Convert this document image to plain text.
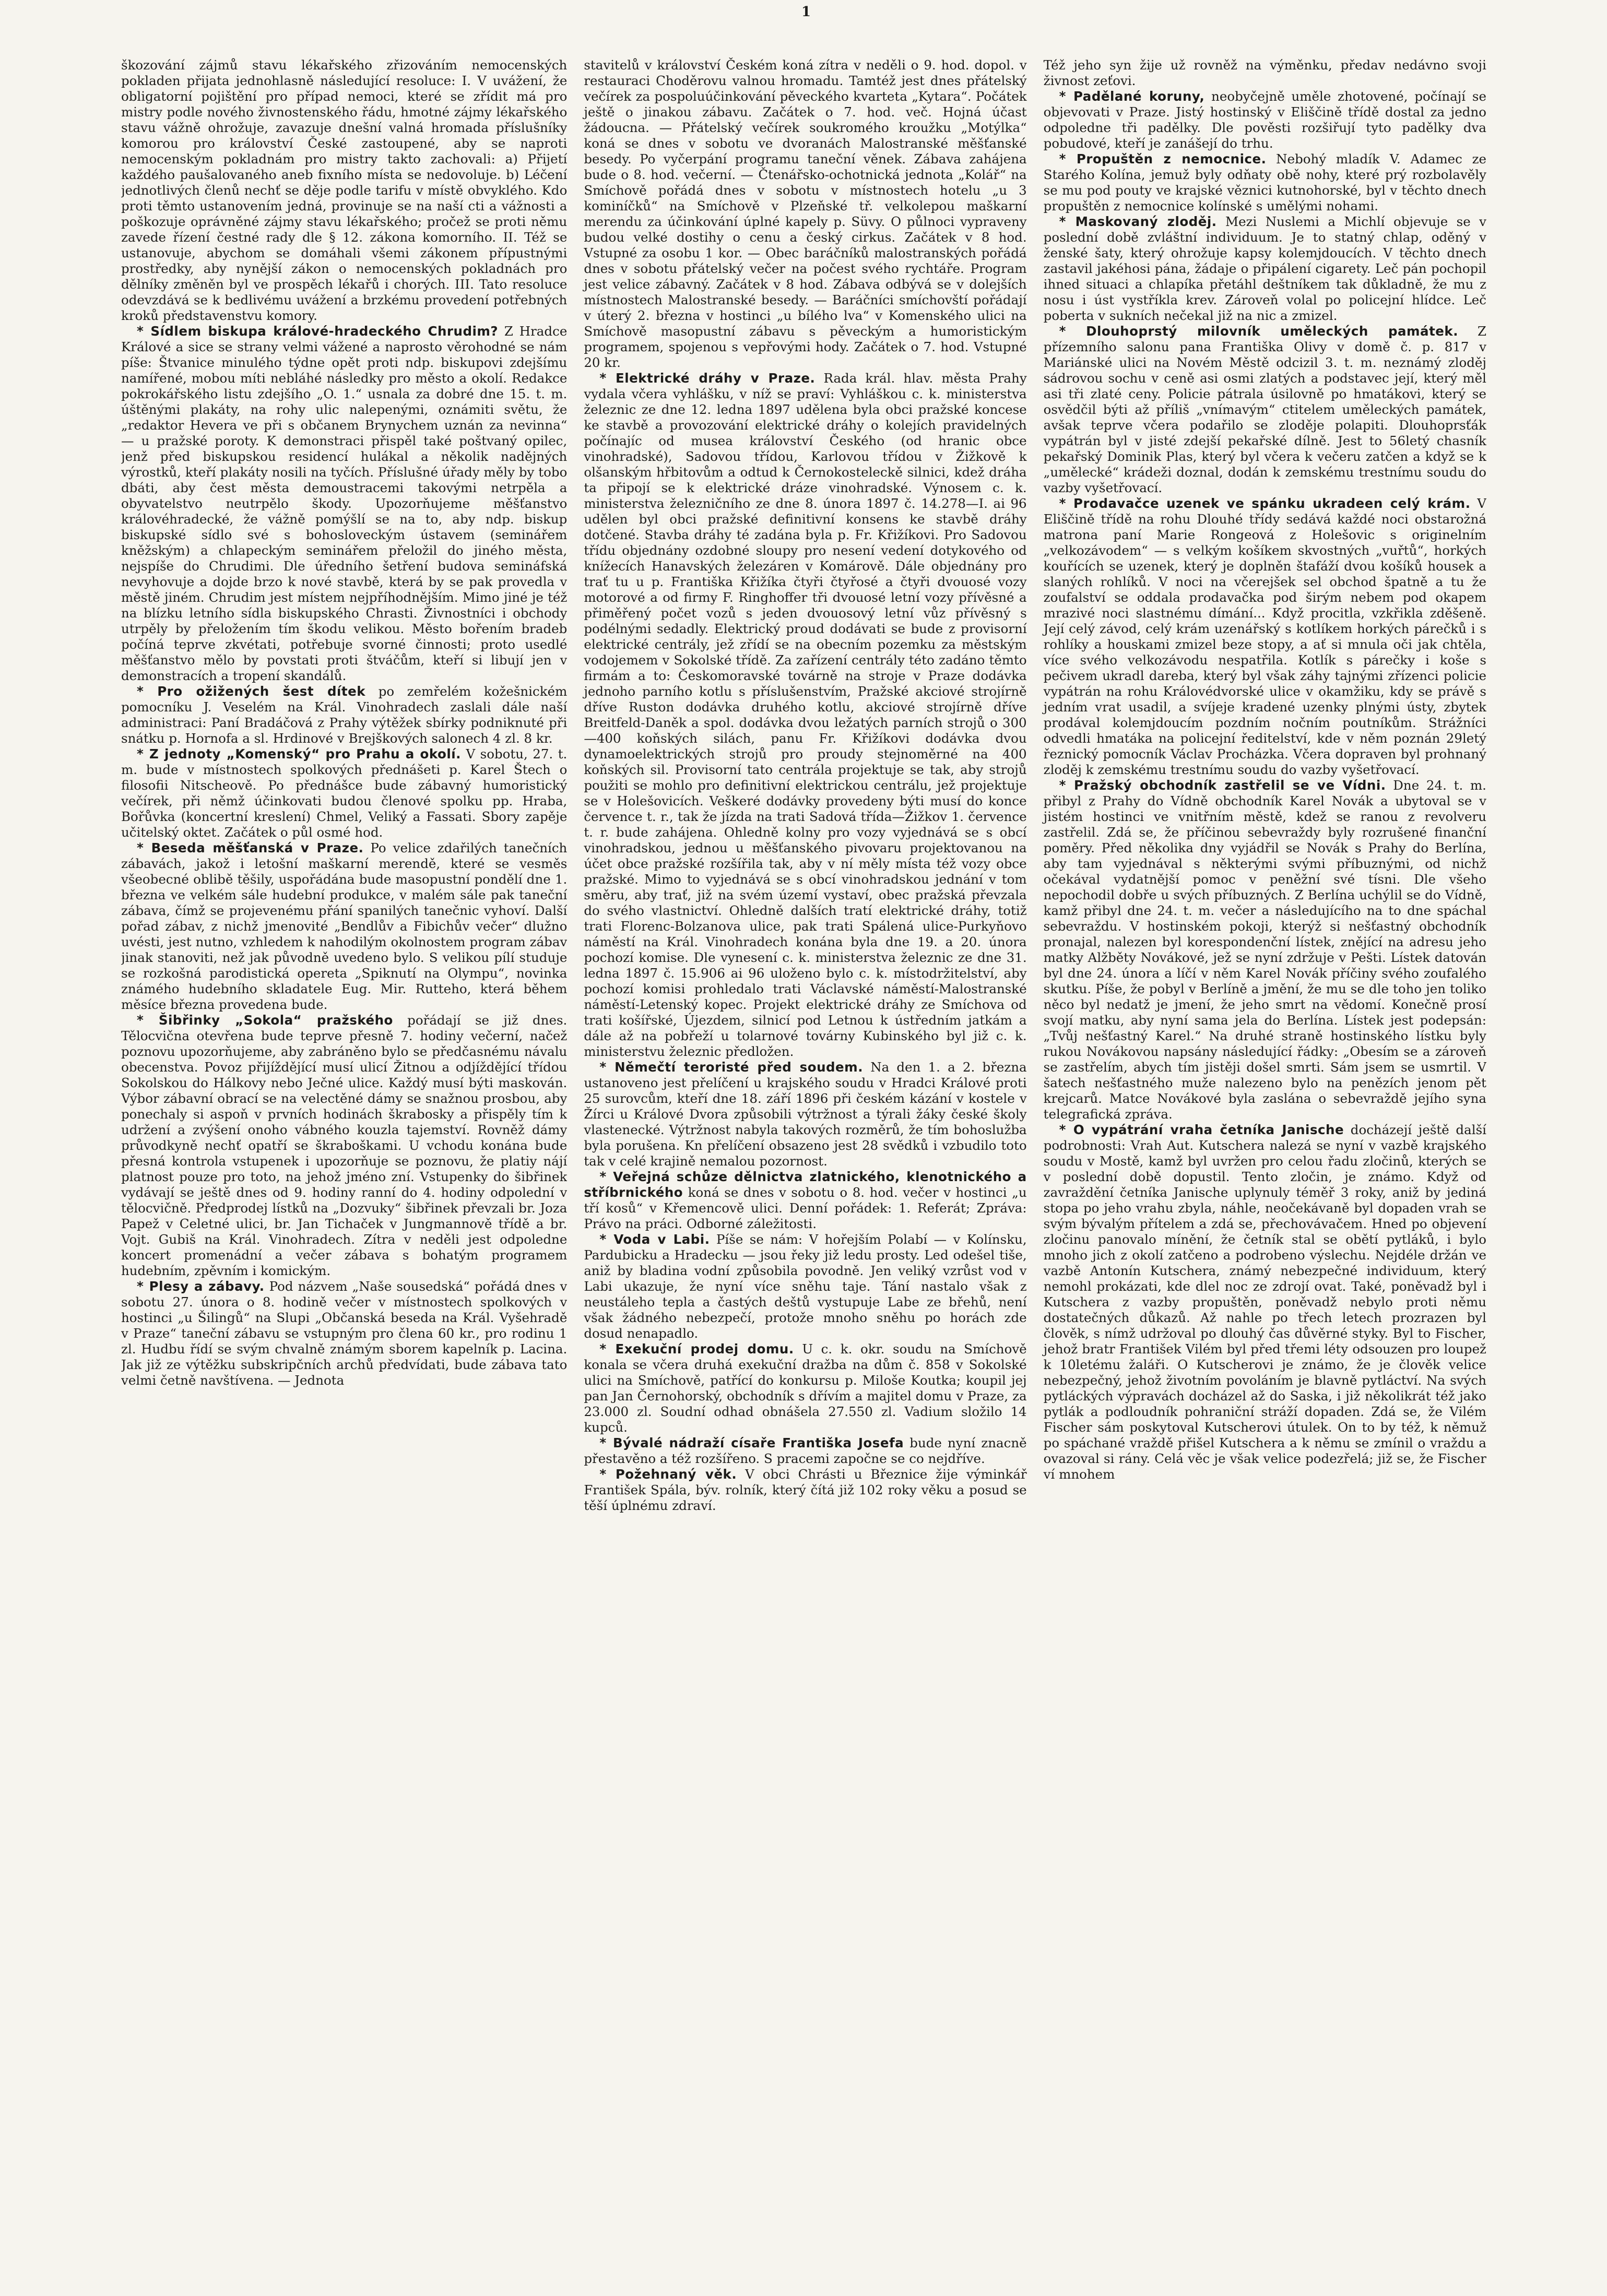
1

škozování zájmů stavu lékařského zřizováním nemocenských pokladen přijata jednohlasně následující resoluce: I. V uvážení, že obligatorní pojištění pro případ nemoci, které se zřídit má pro mistry podle nového živnostenského řádu, hmotné zájmy lékařského stavu vážně ohrožuje, zavazuje dnešní valná hromada příslušníky komorou pro království České zastoupené, aby se naproti nemocenským pokladnám pro mistry takto zachovali: a) Přijetí každého paušalovaného aneb fixního místa se nedovoluje. b) Léčení jednotlivých členů nechť se děje podle tarifu v místě obvyklého. Kdo proti těmto ustanovením jedná, provinuje se na naší cti a vážnosti a poškozuje oprávněné zájmy stavu lékařského; pročež se proti němu zavede řízení čestné rady dle § 12. zákona komorního. II. Též se ustanovuje, abychom se domáhali všemi zákonem přípustnými prostředky, aby nynější zákon o nemocenských pokladnách pro dělníky změněn byl ve prospěch lékařů i chorých. III. Tato resoluce odevzdává se k bedlivému uvážení a brzkému provedení potřebných kroků představenstvu komory.

* Sídlem biskupa králové-hradeckého Chrudim? Z Hradce Králové a sice se strany velmi vážené a naprosto věrohodné se nám píše: Štvanice minulého týdne opět proti ndp. biskupovi zdejšímu namířené, mobou míti nebláhé následky pro město a okolí. Redakce pokrokářského listu zdejšího „O. 1.“ usnala za dobré dne 15. t. m. úštěnými plakáty, na rohy ulic nalepenými, oznámiti světu, že „redaktor Hevera ve při s občanem Brynychem uznán za nevinna“ — u pražské poroty. K demonstraci přispěl také poštvaný opilec, jenž před biskupskou residencí hulákal a několik nadějných výrostků, kteří plakáty nosili na tyčích. Příslušné úřady měly by tobo dbáti, aby čest města demoustracemi takovými netrpěla a obyvatelstvo neutrpělo škody. Upozorňujeme měšťanstvo královéhradecké, že vážně pomýšlí se na to, aby ndp. biskup biskupské sídlo své s bohosloveckým ústavem (seminářem kněžským) a chlapeckým seminářem přeložil do jiného města, nejspíše do Chrudimi. Dle úředního šetření budova semináfská nevyhovuje a dojde brzo k nové stavbě, která by se pak provedla v městě jiném. Chrudim jest místem nejpříhodnějším. Mimo jiné je též na blízku letního sídla biskupského Chrasti. Živnostníci i obchody utrpěly by přeložením tím škodu velikou. Město bořením bradeb počíná teprve zkvétati, potřebuje svorné činnosti; proto usedlé měšťanstvo mělo by povstati proti štváčům, kteří si libují jen v demonstracích a tropení skandálů.

* Pro ožižených šest dítek po zemřelém kožešnickém pomocníku J. Veselém na Král. Vinohradech zaslali dále naší administraci: Paní Bradáčová z Prahy výtěžek sbírky podniknuté při snátku p. Hornofa a sl. Hrdinové v Brejškových salonech 4 zl. 8 kr.

* Z jednoty „Komenský“ pro Prahu a okolí. V sobotu, 27. t. m. bude v místnostech spolkových přednášeti p. Karel Štech o filosofii Nitscheově. Po přednášce bude zábavný humoristický večírek, při němž účinkovati budou členové spolku pp. Hraba, Bořůvka (koncertní kreslení) Chmel, Veliký a Fassati. Sbory zapěje učitelský oktet. Začátek o půl osmé hod.

* Beseda měšťanská v Praze. Po velice zdařilých tanečních zábavách, jakož i letošní maškarní merendě, které se vesměs všeobecné oblibě těšily, uspořádána bude masopustní pondělí dne 1. března ve velkém sále hudební produkce, v malém sále pak taneční zábava, čímž se projevenému přání spanilých tanečnic vyhoví. Další pořad zábav, z nichž jmenovité „Bendlův a Fibichův večer“ dlužno uvésti, jest nutno, vzhledem k nahodilým okolnostem program zábav jinak stanoviti, než jak původně uvedeno bylo. S velikou pílí studuje se rozkošná parodistická opereta „Spiknutí na Olympu“, novinka známého hudebního skladatele Eug. Mir. Rutteho, která během měsíce března provedena bude.

* Šibřinky „Sokola“ pražského pořádají se již dnes. Tělocvična otevřena bude teprve přesně 7. hodiny večerní, načež poznovu upozorňujeme, aby zabráněno bylo se předčasnému návalu obecenstva. Povoz přijíždějící musí ulicí Žitnou a odjíždějící třídou Sokolskou do Hálkovy nebo Ječné ulice. Každý musí býti maskován. Výbor zábavní obrací se na velectěné dámy se snažnou prosbou, aby ponechaly si aspoň v prvních hodinách škrabosky a přispěly tím k udržení a zvýšení onoho vábného kouzla tajemství. Rovněž dámy průvodkyně nechť opatří se škraboškami. U vchodu konána bude přesná kontrola vstupenek i upozorňuje se poznovu, že platiy nájí platnost pouze pro toto, na jehož jméno zní. Vstupenky do šibřinek vydávají se ještě dnes od 9. hodiny ranní do 4. hodiny odpolední v tělocvičně. Předprodej lístků na „Dozvuky“ šibřinek převzali br. Joza Papež v Celetné ulici, br. Jan Tichaček v Jungmannově třídě a br. Vojt. Gubiš na Král. Vinohradech. Zítra v neděli jest odpoledne koncert promenádní a večer zábava s bohatým programem hudebním, zpěvním i komickým.

* Plesy a zábavy. Pod názvem „Naše sousedská“ pořádá dnes v sobotu 27. února o 8. hodině večer v místnostech spolkových v hostinci „u Šilingů“ na Slupi „Občanská beseda na Král. Vyšehradě v Praze“ taneční zábavu se vstupným pro člena 60 kr., pro rodinu 1 zl. Hudbu řídí se svým chvalně známým sborem kapelník p. Lacina. Jak již ze výtěžku subskripčních archů předvídati, bude zábava tato velmi četně navštívena. — Jednota

stavitelů v království Českém koná zítra v neděli o 9. hod. dopol. v restauraci Choděrovu valnou hromadu. Tamtéž jest dnes přátelský večírek za pospoluúčinkování pěveckého kvarteta „Kytara“. Počátek ještě o jinakou zábavu. Začátek o 7. hod. več. Hojná účast žádoucna. — Přátelský večírek soukromého kroužku „Motýlka“ koná se dnes v sobotu ve dvoranách Malostranské měšťanské besedy. Po vyčerpání programu taneční věnek. Zábava zahájena bude o 8. hod. večerní. — Čtenářsko-ochotnická jednota „Kolář“ na Smíchově pořádá dnes v sobotu v místnostech hotelu „u 3 kominíčků“ na Smíchově v Plzeňské tř. velkolepou maškarní merendu za účinkování úplné kapely p. Süvy. O půlnoci vypraveny budou velké dostihy o cenu a český cirkus. Začátek v 8 hod. Vstupné za osobu 1 kor. — Obec baráčníků malostranských pořádá dnes v sobotu přátelský večer na počest svého rychtáře. Program jest velice zábavný. Začátek v 8 hod. Zábava odbývá se v dolejších místnostech Malostranské besedy. — Baráčníci smíchovští pořádají v úterý 2. března v hostinci „u bílého lva“ v Komenského ulici na Smíchově masopustní zábavu s pěveckým a humoristickým programem, spojenou s vepřovými hody. Začátek o 7. hod. Vstupné 20 kr.

* Elektrické dráhy v Praze. Rada král. hlav. města Prahy vydala včera vyhlášku, v níž se praví: Vyhláškou c. k. ministerstva železnic ze dne 12. ledna 1897 udělena byla obci pražské koncese ke stavbě a provozování elektrické dráhy o kolejích pravidelných počínajíc od musea království Českého (od hranic obce vinohradské), Sadovou třídou, Karlovou třídou v Žižkově k olšanským hřbitovům a odtud k Černokosteleckě silnici, kdež dráha ta připojí se k elektrické dráze vinohradské. Výnosem c. k. ministerstva železničního ze dne 8. února 1897 č. 14.278—I. ai 96 udělen byl obci pražské definitivní konsens ke stavbě dráhy dotčené. Stavba dráhy té zadána byla p. Fr. Křižíkovi. Pro Sadovou třídu objednány ozdobné sloupy pro nesení vedení dotykového od knížecích Hanavských železáren v Komárově. Dále objednány pro trať tu u p. Františka Křižíka čtyři čtyřosé a čtyři dvouosé vozy motorové a od firmy F. Ringhoffer tři dvouosé letní vozy přívěsné a přiměřený počet vozů s jeden dvouosový letní vůz přívěsný s podélnými sedadly. Elektrický proud dodávati se bude z provisorní elektrické centrály, jež zřídí se na obecním pozemku za městským vodojemem v Sokolské třídě. Za zařízení centrály této zadáno těmto firmám a to: Českomoravské továrně na stroje v Praze dodávka jednoho parního kotlu s příslušenstvím, Pražské akciové strojírně dříve Ruston dodávka druhého kotlu, akciové strojírně dříve Breitfeld-Daněk a spol. dodávka dvou ležatých parních strojů o 300—400 koňských silách, panu Fr. Křižíkovi dodávka dvou dynamoelektrických strojů pro proudy stejnoměrné na 400 koňských sil. Provisorní tato centrála projektuje se tak, aby strojů použiti se mohlo pro definitivní elektrickou centrálu, jež projektuje se v Holešovicích. Veškeré dodávky provedeny býti musí do konce července t. r., tak že jízda na trati Sadová třída—Žižkov 1. července t. r. bude zahájena. Ohledně kolny pro vozy vyjednává se s obcí vinohradskou, jednou u měšťanského pivovaru projektovanou na účet obce pražské rozšířila tak, aby v ní měly místa též vozy obce pražské. Mimo to vyjednává se s obcí vinohradskou jednání v tom směru, aby trať, již na svém území vystaví, obec pražská převzala do svého vlastnictví. Ohledně dalších tratí elektrické dráhy, totiž trati Florenc-Bolzanova ulice, pak trati Spálená ulice-Purkyňovo náměstí na Král. Vinohradech konána byla dne 19. a 20. února pochozí komise. Dle vynesení c. k. ministerstva železnic ze dne 31. ledna 1897 č. 15.906 ai 96 uloženo bylo c. k. místodržitelství, aby pochozí komisi prohledalo trati Václavské náměstí-Malostranské náměstí-Letenský kopec. Projekt elektrické dráhy ze Smíchova od trati košířské, Újezdem, silnicí pod Letnou k ústředním jatkám a dále až na pobřeží u tolarnové továrny Kubinského byl již c. k. ministerstvu železnic předložen.

* Němečtí teroristé před soudem. Na den 1. a 2. března ustanoveno jest přelíčení u krajského soudu v Hradci Králové proti 25 surovcům, kteří dne 18. září 1896 při českém kázání v kostele v Žírci u Králové Dvora způsobili výtržnost a týrali žáky české školy vlastenecké. Výtržnost nabyla takových rozměrů, že tím bohoslužba byla porušena. Kn přelíčení obsazeno jest 28 svědků i vzbudilo toto tak v celé krajině nemalou pozornost.

* Veřejná schůze dělnictva zlatnického, klenotnického a stříbrnického koná se dnes v sobotu o 8. hod. večer v hostinci „u tří kosů“ v Křemencově ulici. Denní pořádek: 1. Referát; Zpráva: Právo na práci. Odborné záležitosti.

* Voda v Labi. Píše se nám: V hořejším Polabí — v Kolínsku, Pardubicku a Hradecku — jsou řeky již ledu prosty. Led odešel tiše, aniž by bladina vodní způsobila povodně. Jen veliký vzrůst vod v Labi ukazuje, že nyní více sněhu taje. Tání nastalo však z neustáleho tepla a častých deštů vystupuje Labe ze břehů, není však žádného nebezpečí, protože mnoho sněhu po horách zde dosud nenapadlo.

* Exekuční prodej domu. U c. k. okr. soudu na Smíchově konala se včera druhá exekuční dražba na dům č. 858 v Sokolské ulici na Smíchově, patřící do konkursu p. Miloše Koutka; koupil jej pan Jan Černohorský, obchodník s dřívím a majitel domu v Praze, za 23.000 zl. Soudní odhad obnášela 27.550 zl. Vadium složilo 14 kupců.

* Bývalé nádraží císaře Františka Josefa bude nyní znacně přestavěno a též rozšířeno. S pracemi započne se co nejdříve.

* Požehnaný věk. V obci Chrásti u Březnice žije výminkář František Spála, býv. rolník, který čítá již 102 roky věku a posud se těší úplnému zdraví.

Též jeho syn žije už rovněž na výměnku, předav nedávno svoji živnost zeťovi.

* Padělané koruny, neobyčejně uměle zhotovené, počínají se objevovati v Praze. Jistý hostinský v Eliščině třídě dostal za jedno odpoledne tři padělky. Dle pověsti rozšiřují tyto padělky dva pobudové, kteří je zanášejí do trhu.

* Propuštěn z nemocnice. Nebohý mladík V. Adamec ze Starého Kolína, jemuž byly odňaty obě nohy, které prý rozbolavěly se mu pod pouty ve krajské věznici kutnohorské, byl v těchto dnech propuštěn z nemocnice kolínské s umělými nohami.

* Maskovaný zloděj. Mezi Nuslemi a Michlí objevuje se v poslední době zvláštní individuum. Je to statný chlap, oděný v ženské šaty, který ohrožuje kapsy kolemjdoucích. V těchto dnech zastavil jakéhosi pána, žádaje o připálení cigarety. Leč pán pochopil ihned situaci a chlapíka přetáhl deštníkem tak důkladně, že mu z nosu i úst vystříkla krev. Zároveň volal po policejní hlídce. Leč poberta v sukních nečekal již na nic a zmizel.

* Dlouhoprstý milovník uměleckých památek. Z přízemního salonu pana Františka Olivy v domě č. p. 817 v Mariánské ulici na Novém Městě odcizil 3. t. m. neznámý zloděj sádrovou sochu v ceně asi osmi zlatých a podstavec její, který měl asi tři zlaté ceny. Policie pátrala úsilovně po hmatákovi, který se osvědčil býti až příliš „vnímavým“ ctitelem uměleckých památek, avšak teprve včera podařilo se zloděje polapiti. Dlouhoprsťák vypátrán byl v jisté zdejší pekařské dílně. Jest to 56letý chasník pekařský Dominik Plas, který byl včera k večeru zatčen a když se k „umělecké“ krádeži doznal, dodán k zemskému trestnímu soudu do vazby vyšetřovací.

* Prodavačce uzenek ve spánku ukradeen celý krám. V Eliščině třídě na rohu Dlouhé třídy sedává každé noci obstarožná matrona paní Marie Rongeová z Holešovic s originelním „velkozávodem“ — s velkým košíkem skvostných „vuřtů“, horkých kouřících se uzenek, který je doplněn štafáží dvou košíků housek a slaných rohlíků. V noci na včerejšek sel obchod špatně a tu že zoufalství se oddala prodavačka pod širým nebem pod okapem mrazivé noci slastnému dímání... Když procitla, vzkřikla zděšeně. Její celý závod, celý krám uzenářský s kotlíkem horkých párečků i s rohlíky a houskami zmizel beze stopy, a ať si mnula oči jak chtěla, více svého velkozávodu nespatřila. Kotlík s párečky i koše s pečivem ukradl dareba, který byl však záhy tajnými zřízenci policie vypátrán na rohu Královédvorské ulice v okamžiku, kdy se právě s jedním vrat usadil, a svíjeje kradené uzenky plnými ústy, zbytek prodával kolemjdoucím pozdním nočním poutníkům. Strážníci odvedli hmatáka na policejní ředitelství, kde v něm poznán 29letý řeznický pomocník Václav Procházka. Včera dopraven byl prohnaný zloděj k zemskému trestnímu soudu do vazby vyšetřovací.

* Pražský obchodník zastřelil se ve Vídni. Dne 24. t. m. přibyl z Prahy do Vídně obchodník Karel Novák a ubytoval se v jistém hostinci ve vnitřním městě, kdež se ranou z revolveru zastřelil. Zdá se, že příčinou sebevraždy byly rozrušené finanční poměry. Před několika dny vyjádřil se Novák s Prahy do Berlína, aby tam vyjednával s některými svými příbuznými, od nichž očekával vydatnější pomoc v peněžní své tísni. Dle všeho nepochodil dobře u svých příbuzných. Z Berlína uchýlil se do Vídně, kamž přibyl dne 24. t. m. večer a následujícího na to dne spáchal sebevraždu. V hostinském pokoji, kterýž si nešťastný obchodník pronajal, nalezen byl korespondenční lístek, znějící na adresu jeho matky Alžběty Novákové, jež se nyní zdržuje v Pešti. Lístek datován byl dne 24. února a líčí v něm Karel Novák příčiny svého zoufalého skutku. Píše, že pobyl v Berlíně a jmění, že mu se dle toho jen toliko něco byl nedatž je jmení, že jeho smrt na vědomí. Konečně prosí svojí matku, aby nyní sama jela do Berlína. Lístek jest podepsán: „Tvůj nešťastný Karel.“ Na druhé straně hostinského lístku byly rukou Novákovou napsány následující řádky: „Obesím se a zároveň se zastřelím, abych tím jistěji došel smrti. Sám jsem se usmrtil. V šatech nešťastného muže nalezeno bylo na penězích jenom pět krejcarů. Matce Novákové byla zaslána o sebevraždě jejího syna telegrafická zpráva.

* O vypátrání vraha četníka Janische docházejí ještě další podrobnosti: Vrah Aut. Kutschera nalezá se nyní v vazbě krajského soudu v Mostě, kamž byl uvržen pro celou řadu zločinů, kterých se v poslední době dopustil. Tento zločin, je známo. Když od zavraždění četníka Janische uplynuly téměř 3 roky, aniž by jediná stopa po jeho vrahu zbyla, náhle, neočekávaně byl dopaden vrah se svým bývalým přítelem a zdá se, přechovávačem. Hned po objevení zločinu panovalo mínění, že četník stal se obětí pytláků, i bylo mnoho jich z okolí zatčeno a podrobeno výslechu. Nejdéle držán ve vazbě Antonín Kutschera, známý nebezpečné individuum, který nemohl prokázati, kde dlel noc ze zdrojí ovat. Také, poněvadž byl i Kutschera z vazby propuštěn, poněvadž nebylo proti němu dostatečných důkazů. Až nahle po třech letech prozrazen byl člověk, s nímž udržoval po dlouhý čas důvěrné styky. Byl to Fischer, jehož bratr František Vilém byl před třemi léty odsouzen pro loupež k 10letému žaláři. O Kutscherovi je známo, že je člověk velice nebezpečný, jehož životním povoláním je blavně pytláctví. Na svých pytláckých výpravách docházel až do Saska, i již několikrát též jako pytlák a podloudník pohraniční stráží dopaden. Zdá se, že Vilém Fischer sám poskytoval Kutscherovi útulek. On to by též, k němuž po spáchané vraždě přišel Kutschera a k němu se zmínil o vraždu a ovazoval si rány. Celá věc je však velice podezřelá; již se, že Fischer ví mnohem
